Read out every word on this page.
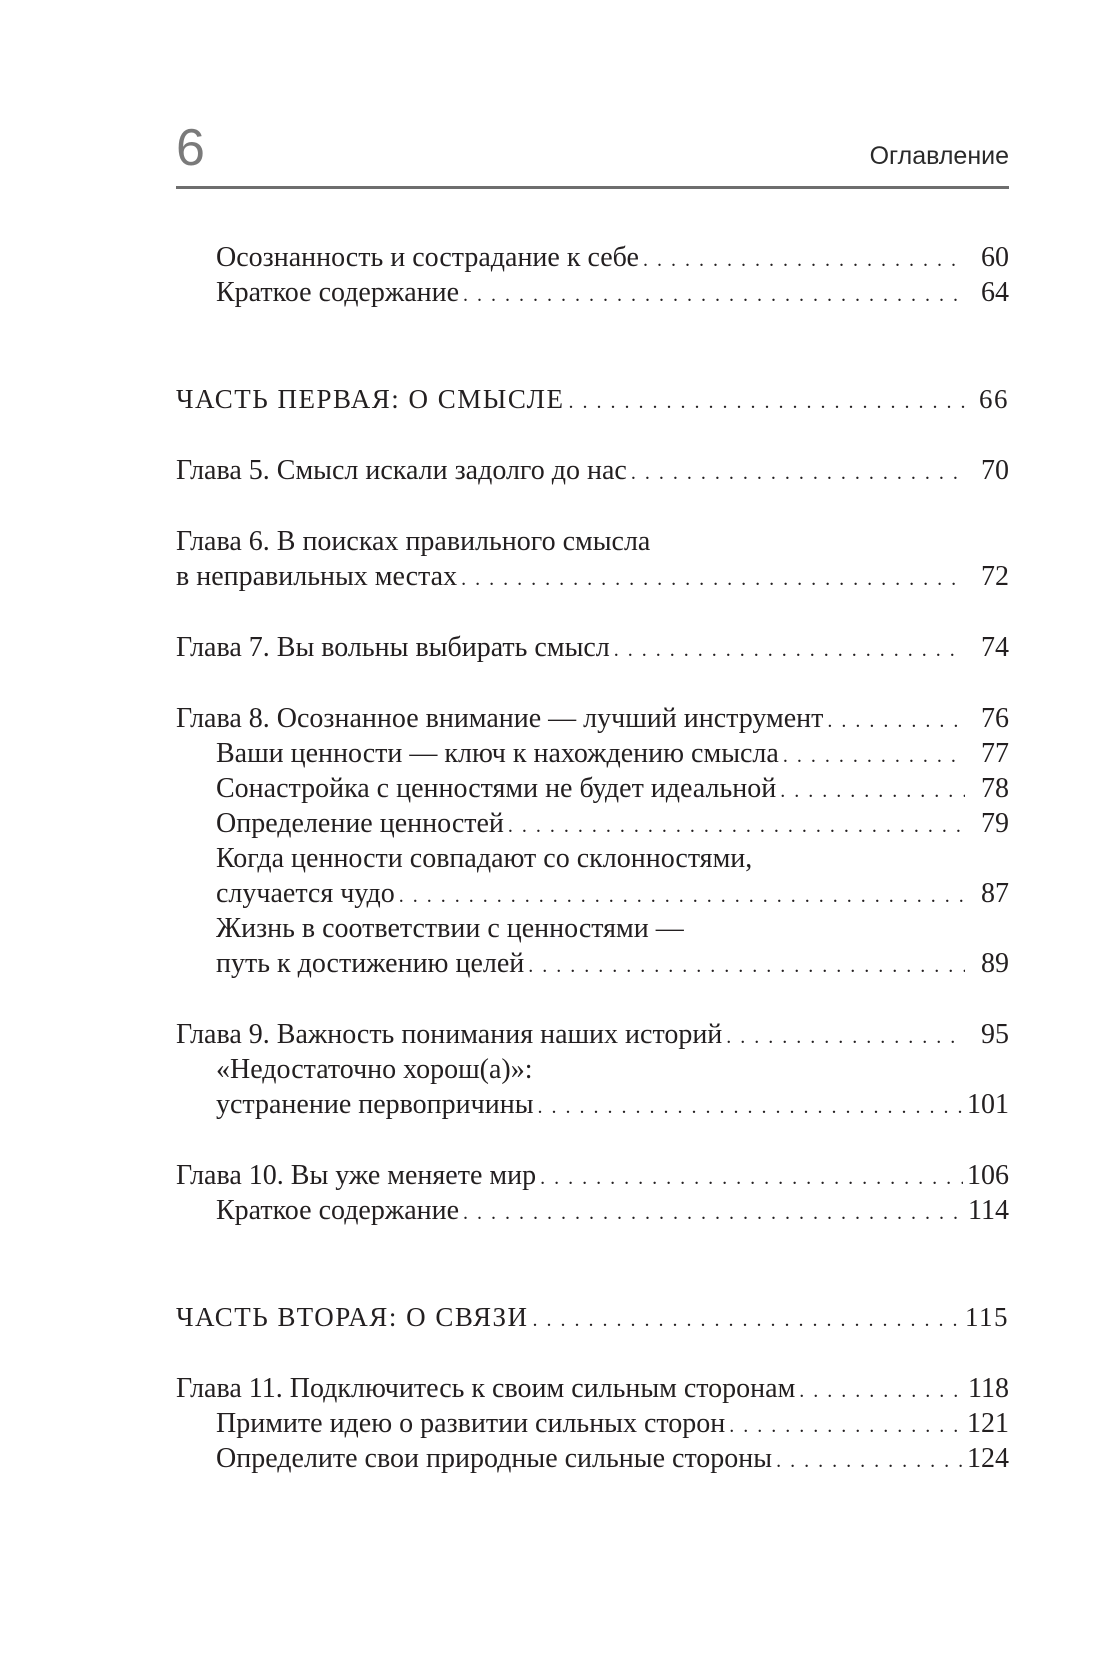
6	Оглавление
Осознанность и сострадание к себе . . .	60
Краткое содержание . . .	64
ЧАСТЬ ПЕРВАЯ: О СМЫСЛЕ . . .	66
Глава 5. Смысл искали задолго до нас . . .	70
Глава 6. В поисках правильного смысла
в неправильных местах . . .	72
Глава 7. Вы вольны выбирать смысл . . .	74
Глава 8. Осознанное внимание — лучший инструмент . . .	76
Ваши ценности — ключ к нахождению смысла . . .	77
Сонастройка с ценностями не будет идеальной . . .	78
Определение ценностей . . .	79
Когда ценности совпадают со склонностями,
случается чудо . . .	87
Жизнь в соответствии с ценностями —
путь к достижению целей . . .	89
Глава 9. Важность понимания наших историй . . .	95
«Недостаточно хорош(а)»:
устранение первопричины . . .	101
Глава 10. Вы уже меняете мир . . .	106
Краткое содержание . . .	114
ЧАСТЬ ВТОРАЯ: О СВЯЗИ . . .	115
Глава 11. Подключитесь к своим сильным сторонам . . .	118
Примите идею о развитии сильных сторон . . .	121
Определите свои природные сильные стороны . . .	124
